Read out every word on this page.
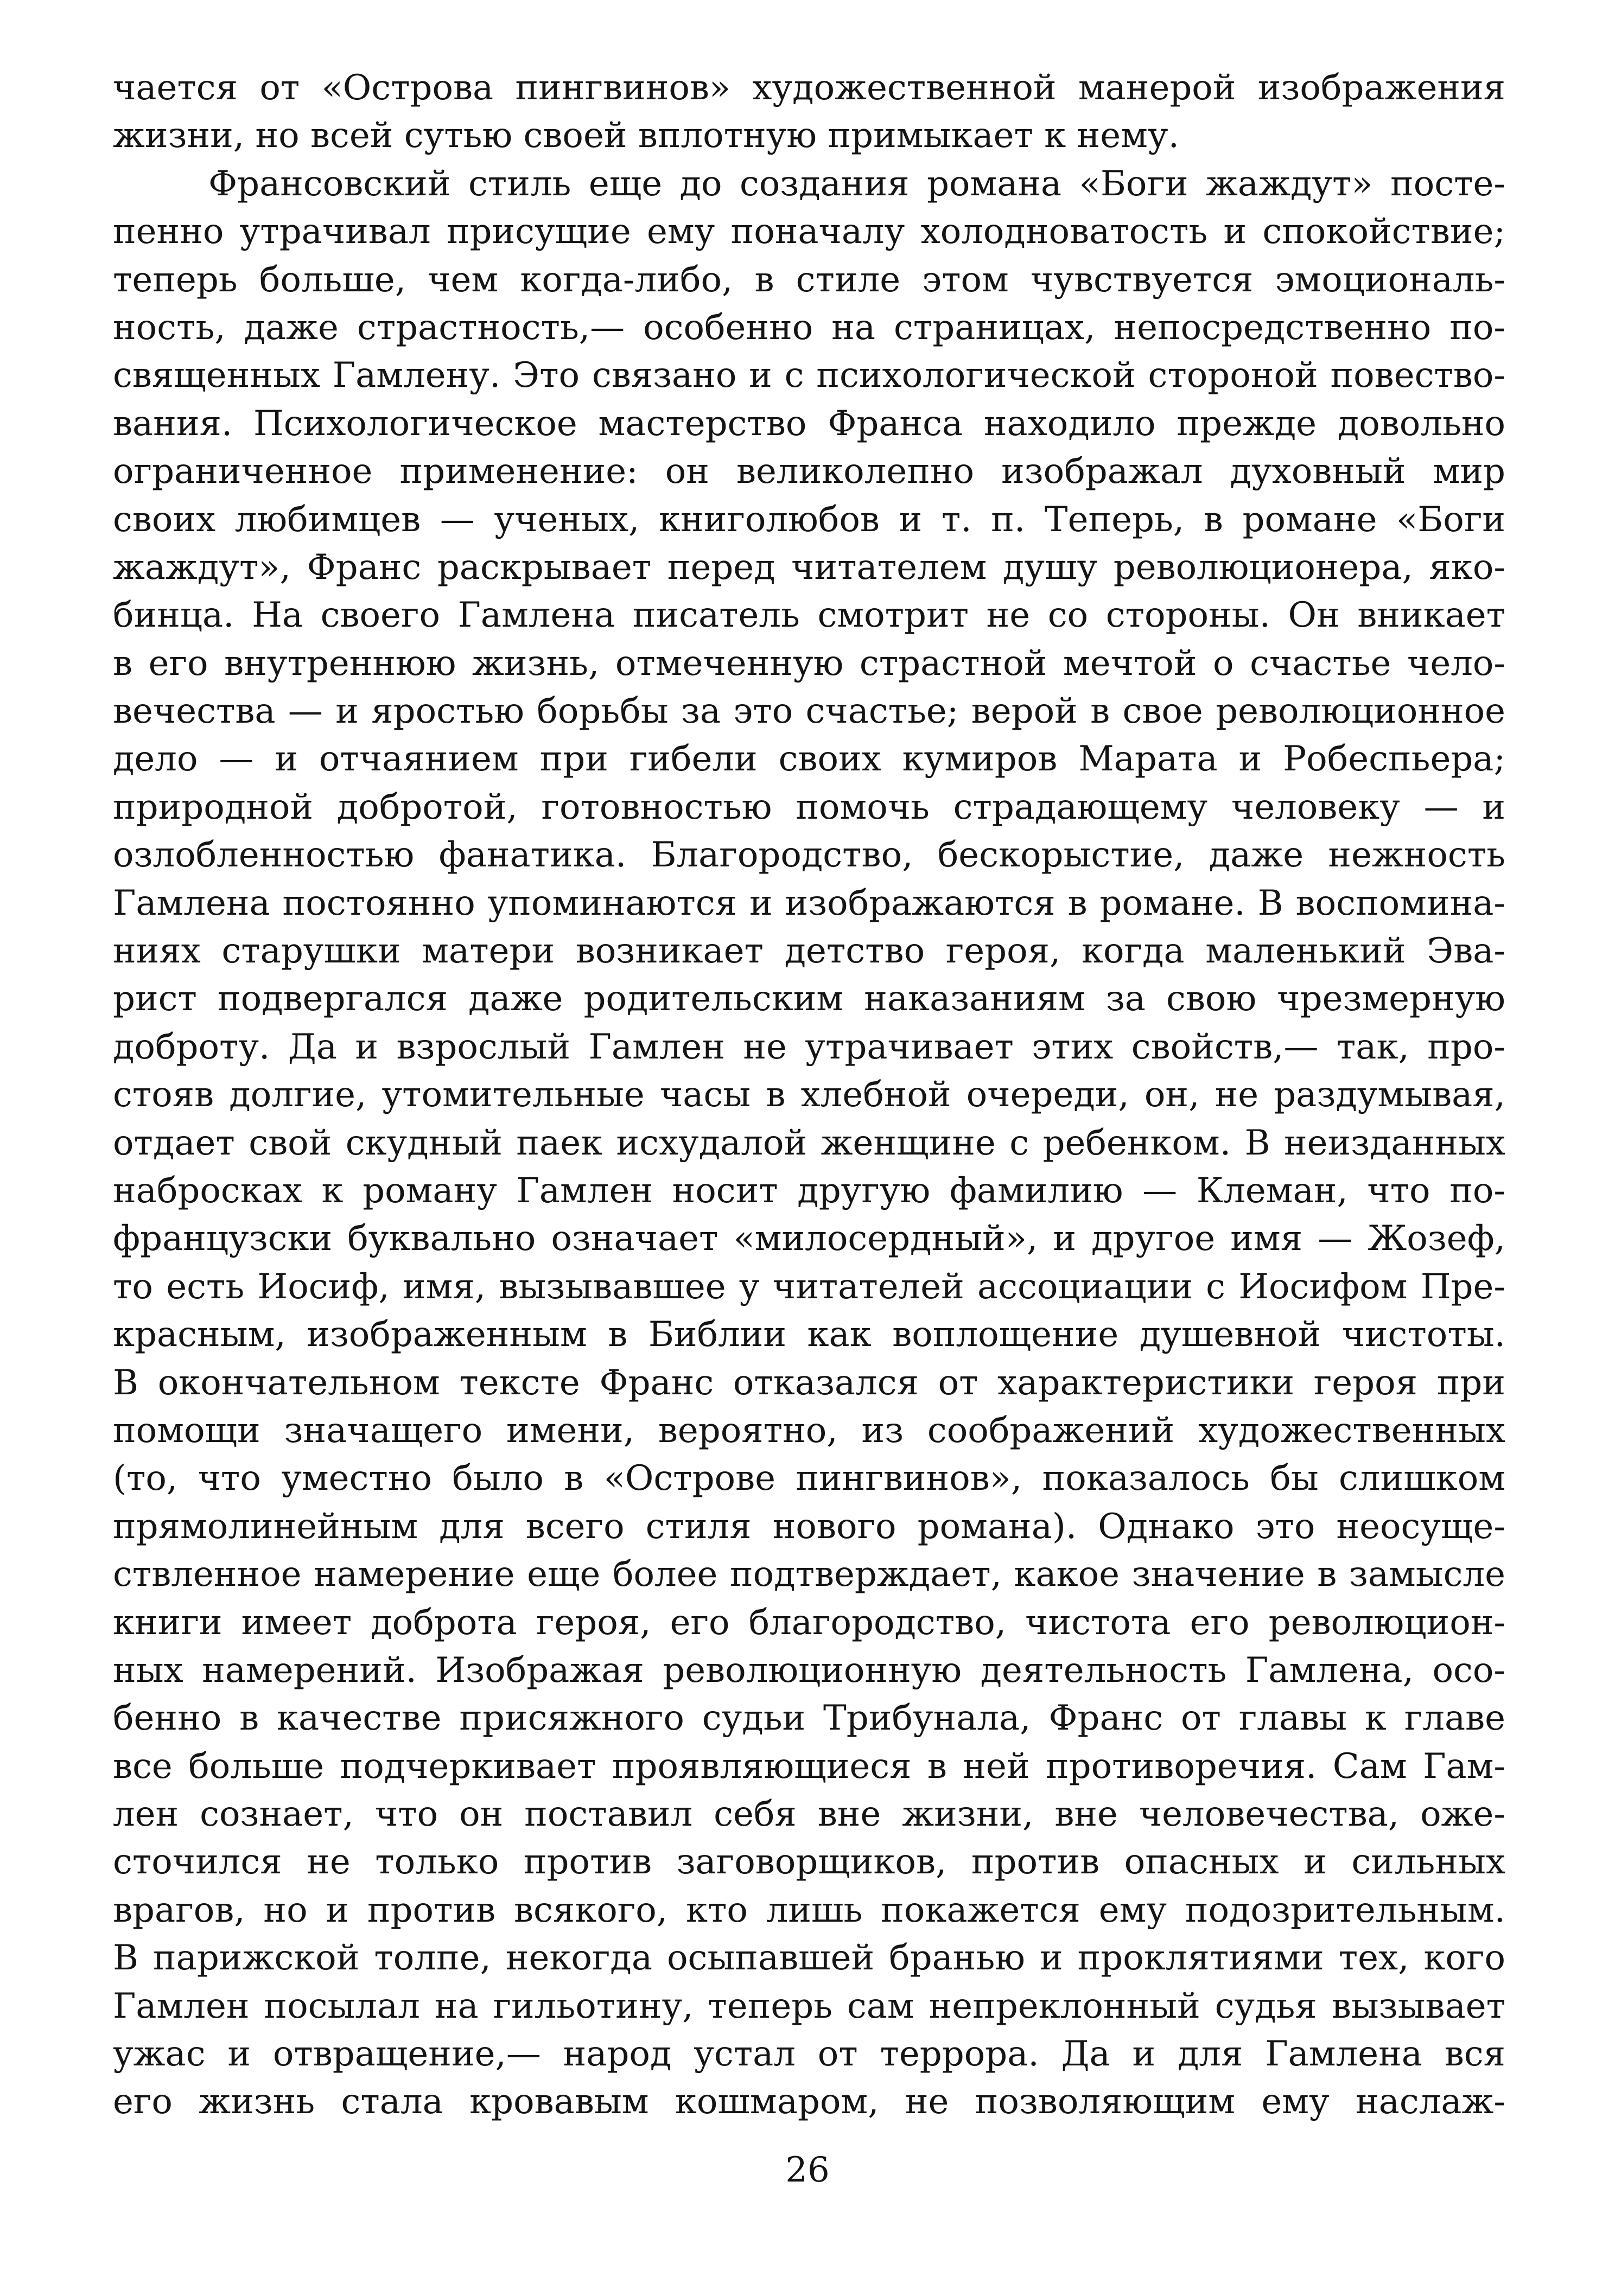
чается от «Острова пингвинов» художественной манерой изображения
жизни, но всей сутью своей вплотную примыкает к нему.
Франсовский стиль еще до создания романа «Боги жаждут» посте-
пенно утрачивал присущие ему поначалу холодноватость и спокойствие;
теперь больше, чем когда-либо, в стиле этом чувствуется эмоциональ-
ность, даже страстность,— особенно на страницах, непосредственно по-
священных Гамлену. Это связано и с психологической стороной повество-
вания. Психологическое мастерство Франса находило прежде довольно
ограниченное применение: он великолепно изображал духовный мир
своих любимцев — ученых, книголюбов и т. п. Теперь, в романе «Боги
жаждут», Франс раскрывает перед читателем душу революционера, яко-
бинца. На своего Гамлена писатель смотрит не со стороны. Он вникает
в его внутреннюю жизнь, отмеченную страстной мечтой о счастье чело-
вечества — и яростью борьбы за это счастье; верой в свое революционное
дело — и отчаянием при гибели своих кумиров Марата и Робеспьера;
природной добротой, готовностью помочь страдающему человеку — и
озлобленностью фанатика. Благородство, бескорыстие, даже нежность
Гамлена постоянно упоминаются и изображаются в романе. В воспомина-
ниях старушки матери возникает детство героя, когда маленький Эва-
рист подвергался даже родительским наказаниям за свою чрезмерную
доброту. Да и взрослый Гамлен не утрачивает этих свойств,— так, про-
стояв долгие, утомительные часы в хлебной очереди, он, не раздумывая,
отдает свой скудный паек исхудалой женщине с ребенком. В неизданных
набросках к роману Гамлен носит другую фамилию — Клеман, что по-
французски буквально означает «милосердный», и другое имя — Жозеф,
то есть Иосиф, имя, вызывавшее у читателей ассоциации с Иосифом Пре-
красным, изображенным в Библии как воплощение душевной чистоты.
В окончательном тексте Франс отказался от характеристики героя при
помощи значащего имени, вероятно, из соображений художественных
(то, что уместно было в «Острове пингвинов», показалось бы слишком
прямолинейным для всего стиля нового романа). Однако это неосуще-
ствленное намерение еще более подтверждает, какое значение в замысле
книги имеет доброта героя, его благородство, чистота его революцион-
ных намерений. Изображая революционную деятельность Гамлена, осо-
бенно в качестве присяжного судьи Трибунала, Франс от главы к главе
все больше подчеркивает проявляющиеся в ней противоречия. Сам Гам-
лен сознает, что он поставил себя вне жизни, вне человечества, оже-
сточился не только против заговорщиков, против опасных и сильных
врагов, но и против всякого, кто лишь покажется ему подозрительным.
В парижской толпе, некогда осыпавшей бранью и проклятиями тех, кого
Гамлен посылал на гильотину, теперь сам непреклонный судья вызывает
ужас и отвращение,— народ устал от террора. Да и для Гамлена вся
его жизнь стала кровавым кошмаром, не позволяющим ему наслаж-
26
